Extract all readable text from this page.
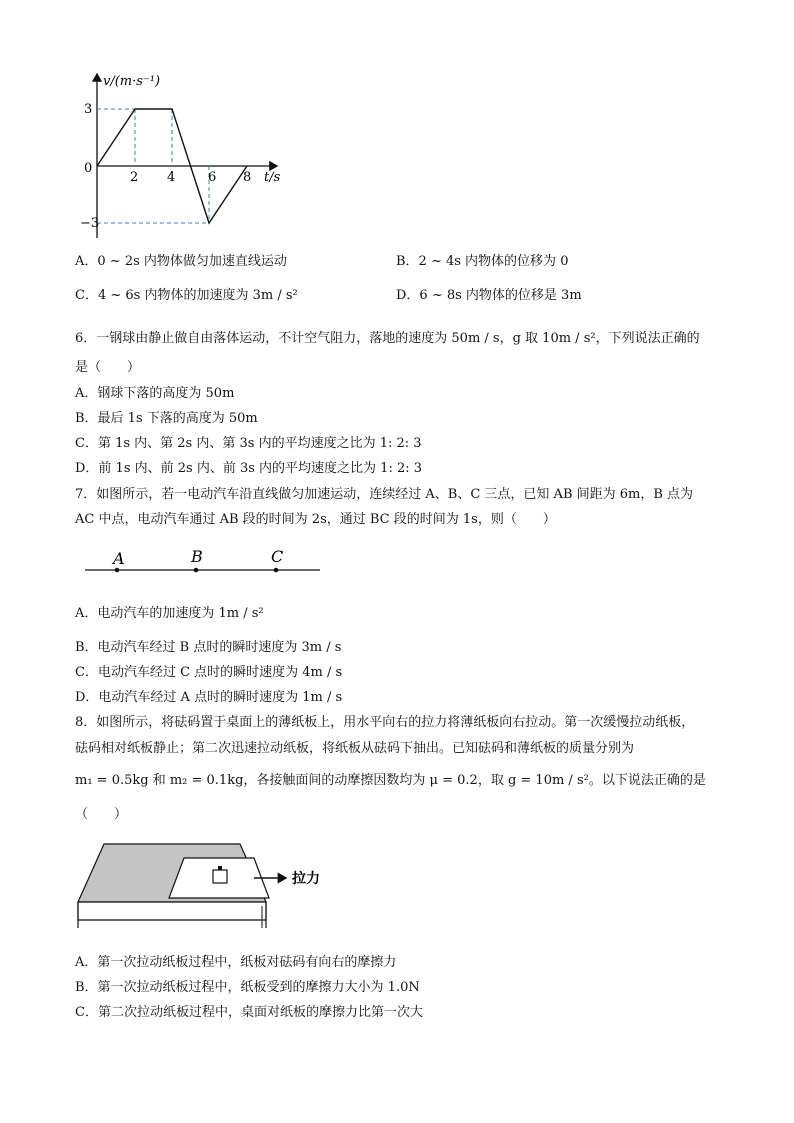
v/(m·s⁻¹)
t/s
0
3
−3
2 4	6 8
A．0 ~ 2s 内物体做匀加速直线运动	B．2 ~ 4s 内物体的位移为 0
C．4 ~ 6s 内物体的加速度为 3m / s²	D．6 ~ 8s 内物体的位移是 3m
6．一钢球由静止做自由落体运动，不计空气阻力，落地的速度为 50m / s，g 取 10m / s²，下列说法正确的
是（　　）
A．钢球下落的高度为 50m
B．最后 1s 下落的高度为 50m
C．第 1s 内、第 2s 内、第 3s 内的平均速度之比为 1: 2: 3
D．前 1s 内、前 2s 内、前 3s 内的平均速度之比为 1: 2: 3
7．如图所示，若一电动汽车沿直线做匀加速运动，连续经过 A、B、C 三点，已知 AB 间距为 6m，B 点为
AC 中点，电动汽车通过 AB 段的时间为 2s，通过 BC 段的时间为 1s，则（　　）
A	B	C
A．电动汽车的加速度为 1m / s²
B．电动汽车经过 B 点时的瞬时速度为 3m / s
C．电动汽车经过 C 点时的瞬时速度为 4m / s
D．电动汽车经过 A 点时的瞬时速度为 1m / s
8．如图所示，将砝码置于桌面上的薄纸板上，用水平向右的拉力将薄纸板向右拉动。第一次缓慢拉动纸板，
砝码相对纸板静止；第二次迅速拉动纸板，将纸板从砝码下抽出。已知砝码和薄纸板的质量分别为
m₁ = 0.5kg 和 m₂ = 0.1kg，各接触面间的动摩擦因数均为 μ = 0.2，取 g = 10m / s²。以下说法正确的是
（　　）
拉力
A．第一次拉动纸板过程中，纸板对砝码有向右的摩擦力
B．第一次拉动纸板过程中，纸板受到的摩擦力大小为 1.0N
C．第二次拉动纸板过程中，桌面对纸板的摩擦力比第一次大
